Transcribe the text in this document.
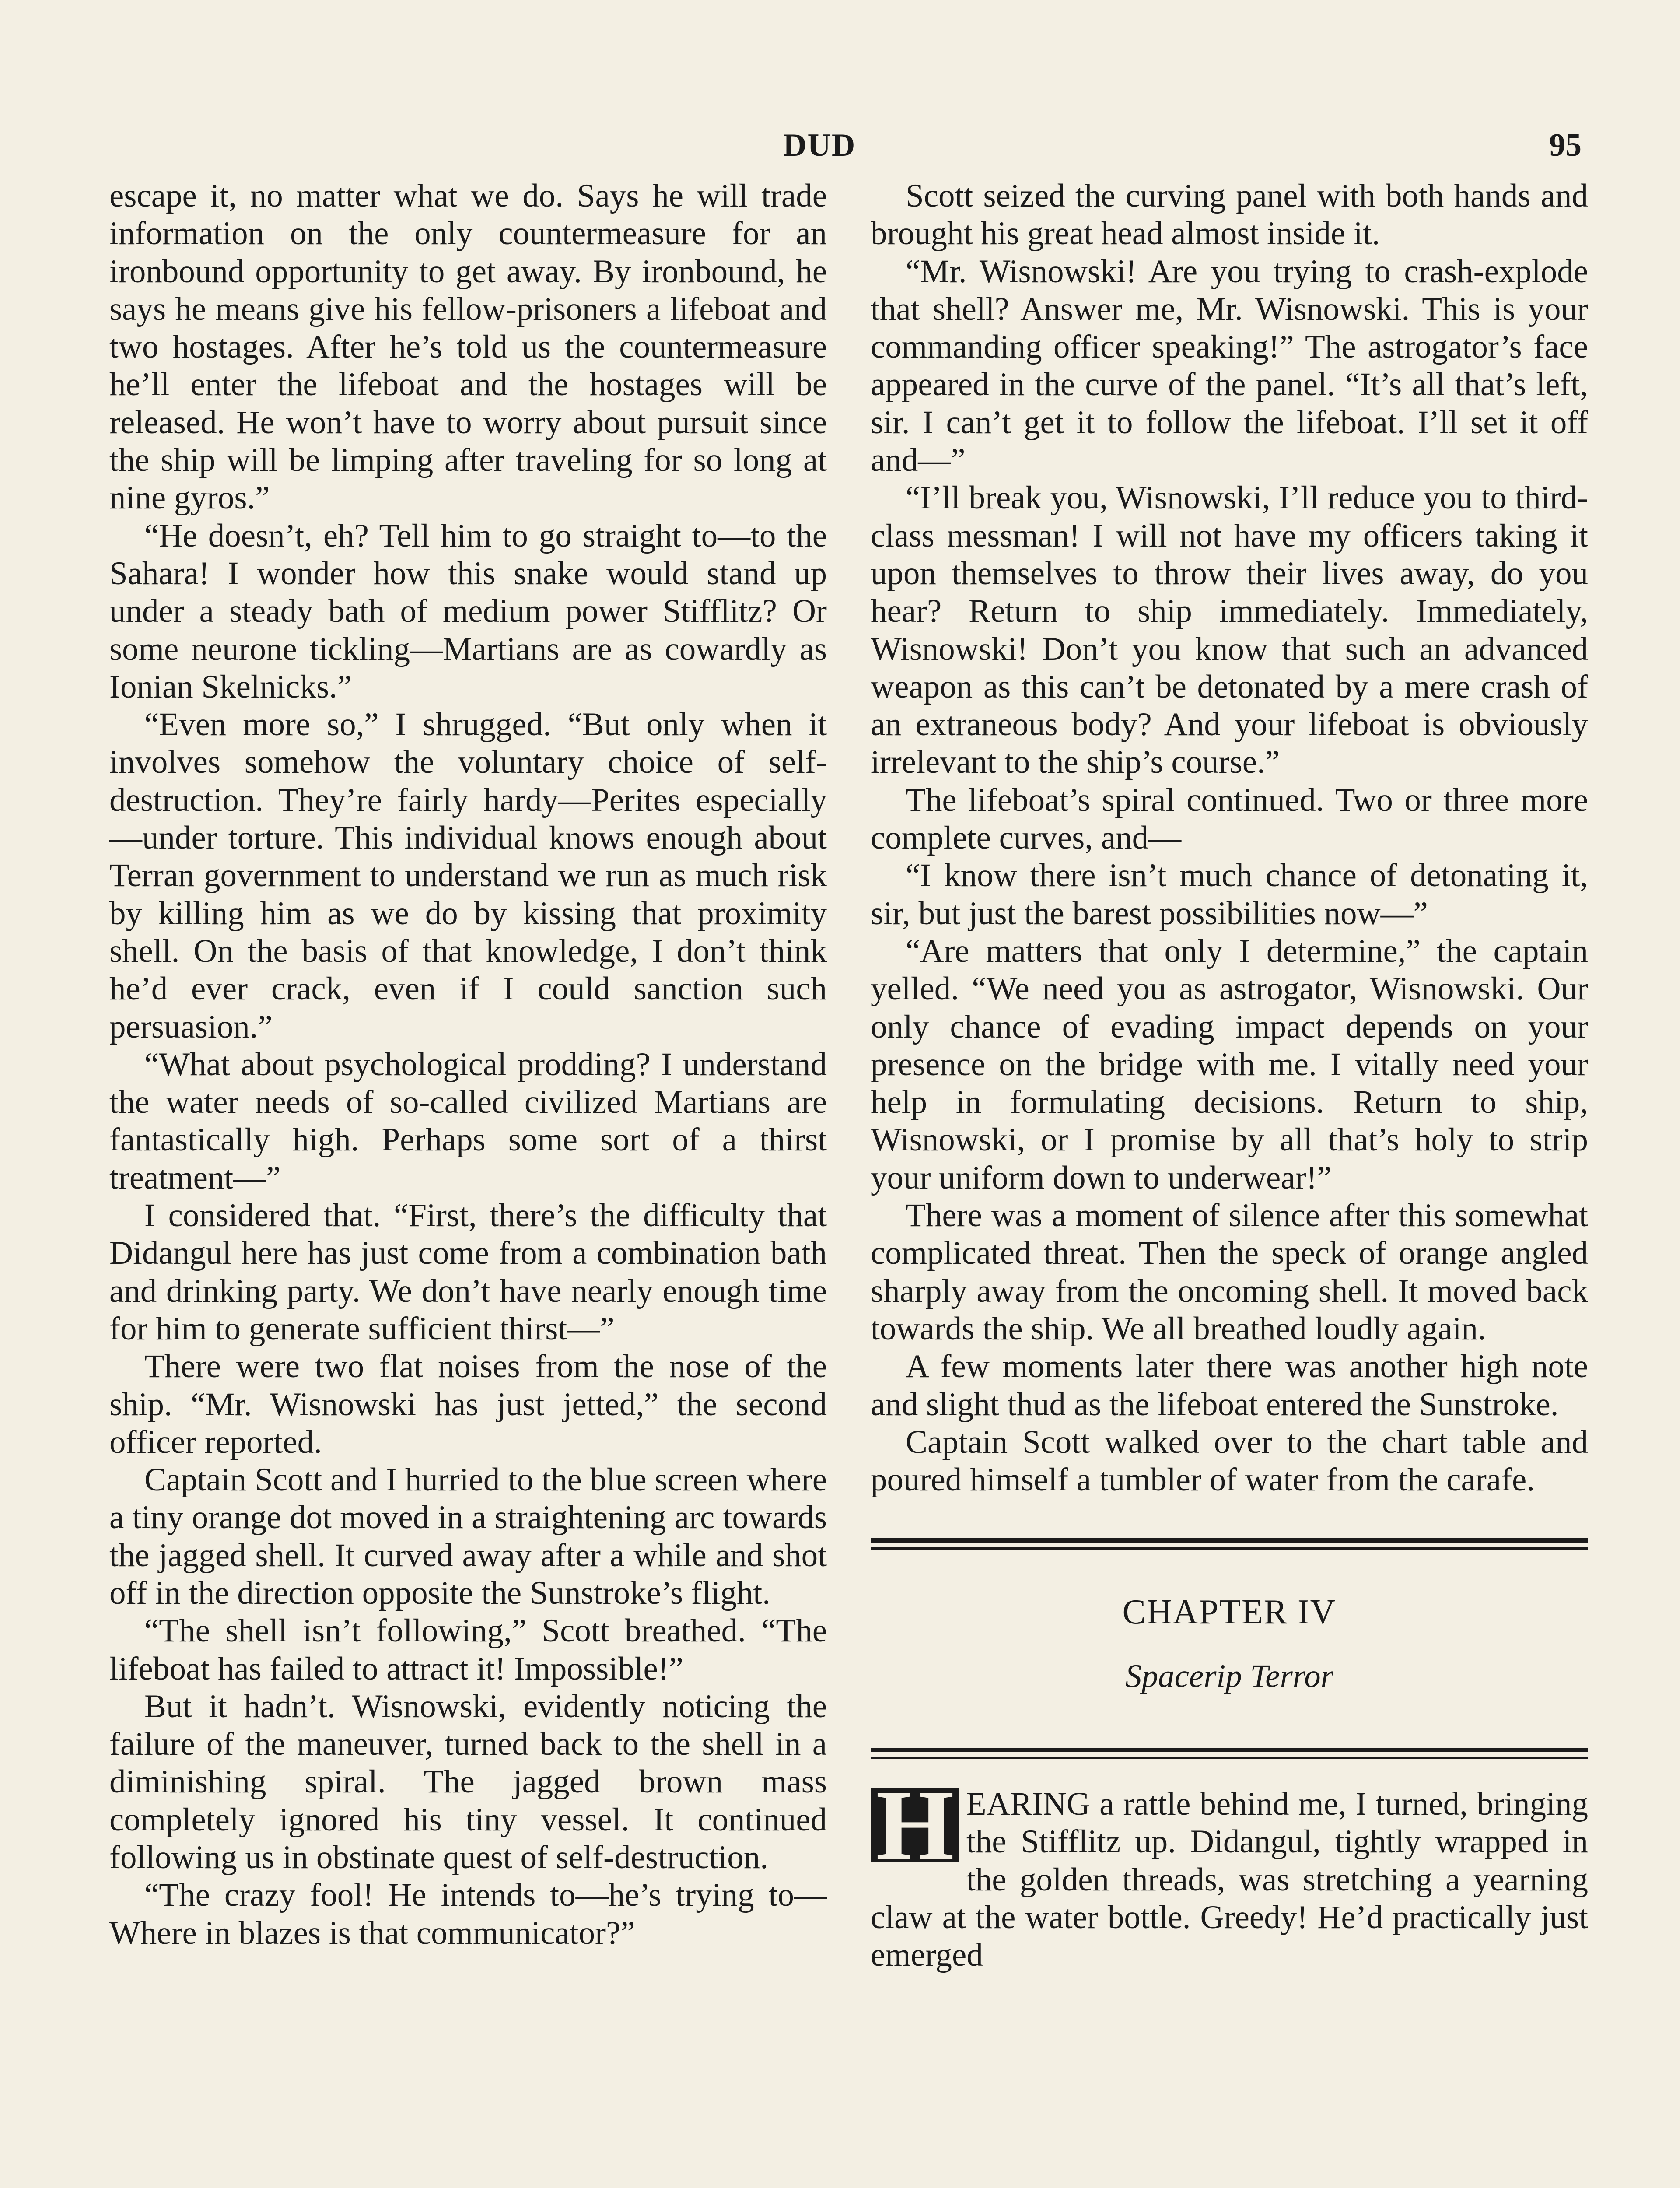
DUD	95

escape it, no matter what we do. Says he will trade information on the only countermeasure for an ironbound opportunity to get away. By ironbound, he says he means give his fellow-prisoners a lifeboat and two hostages. After he’s told us the countermeasure he’ll enter the lifeboat and the hostages will be released. He won’t have to worry about pursuit since the ship will be limping after traveling for so long at nine gyros.”

“He doesn’t, eh? Tell him to go straight to—to the Sahara! I wonder how this snake would stand up under a steady bath of medium power Stifflitz? Or some neurone tickling—Martians are as cowardly as Ionian Skelnicks.”

“Even more so,” I shrugged. “But only when it involves somehow the voluntary choice of self-destruction. They’re fairly hardy—Perites especially—under torture. This individual knows enough about Terran government to understand we run as much risk by killing him as we do by kissing that proximity shell. On the basis of that knowledge, I don’t think he’d ever crack, even if I could sanction such persuasion.”

“What about psychological prodding? I understand the water needs of so-called civilized Martians are fantastically high. Perhaps some sort of a thirst treatment—”

I considered that. “First, there’s the difficulty that Didangul here has just come from a combination bath and drinking party. We don’t have nearly enough time for him to generate sufficient thirst—”

There were two flat noises from the nose of the ship. “Mr. Wisnowski has just jetted,” the second officer reported.

Captain Scott and I hurried to the blue screen where a tiny orange dot moved in a straightening arc towards the jagged shell. It curved away after a while and shot off in the direction opposite the Sunstroke’s flight.

“The shell isn’t following,” Scott breathed. “The lifeboat has failed to attract it! Impossible!”

But it hadn’t. Wisnowski, evidently noticing the failure of the maneuver, turned back to the shell in a diminishing spiral. The jagged brown mass completely ignored his tiny vessel. It continued following us in obstinate quest of self-destruction.

“The crazy fool! He intends to—he’s trying to— Where in blazes is that communicator?”

Scott seized the curving panel with both hands and brought his great head almost inside it.

“Mr. Wisnowski! Are you trying to crash-explode that shell? Answer me, Mr. Wisnowski. This is your commanding officer speaking!” The astrogator’s face appeared in the curve of the panel. “It’s all that’s left, sir. I can’t get it to follow the lifeboat. I’ll set it off and—”

“I’ll break you, Wisnowski, I’ll reduce you to third-class messman! I will not have my officers taking it upon themselves to throw their lives away, do you hear? Return to ship immediately. Immediately, Wisnowski! Don’t you know that such an advanced weapon as this can’t be detonated by a mere crash of an extraneous body? And your lifeboat is obviously irrelevant to the ship’s course.”

The lifeboat’s spiral continued. Two or three more complete curves, and—

“I know there isn’t much chance of detonating it, sir, but just the barest possibilities now—”

“Are matters that only I determine,” the captain yelled. “We need you as astrogator, Wisnowski. Our only chance of evading impact depends on your presence on the bridge with me. I vitally need your help in formulating decisions. Return to ship, Wisnowski, or I promise by all that’s holy to strip your uniform down to underwear!”

There was a moment of silence after this somewhat complicated threat. Then the speck of orange angled sharply away from the oncoming shell. It moved back towards the ship. We all breathed loudly again.

A few moments later there was another high note and slight thud as the lifeboat entered the Sunstroke.

Captain Scott walked over to the chart table and poured himself a tumbler of water from the carafe.

CHAPTER IV
Spacerip Terror

H EARING a rattle behind me, I turned, bringing the Stifflitz up. Didangul, tightly wrapped in the golden threads, was stretching a yearning claw at the water bottle. Greedy! He’d practically just emerged
